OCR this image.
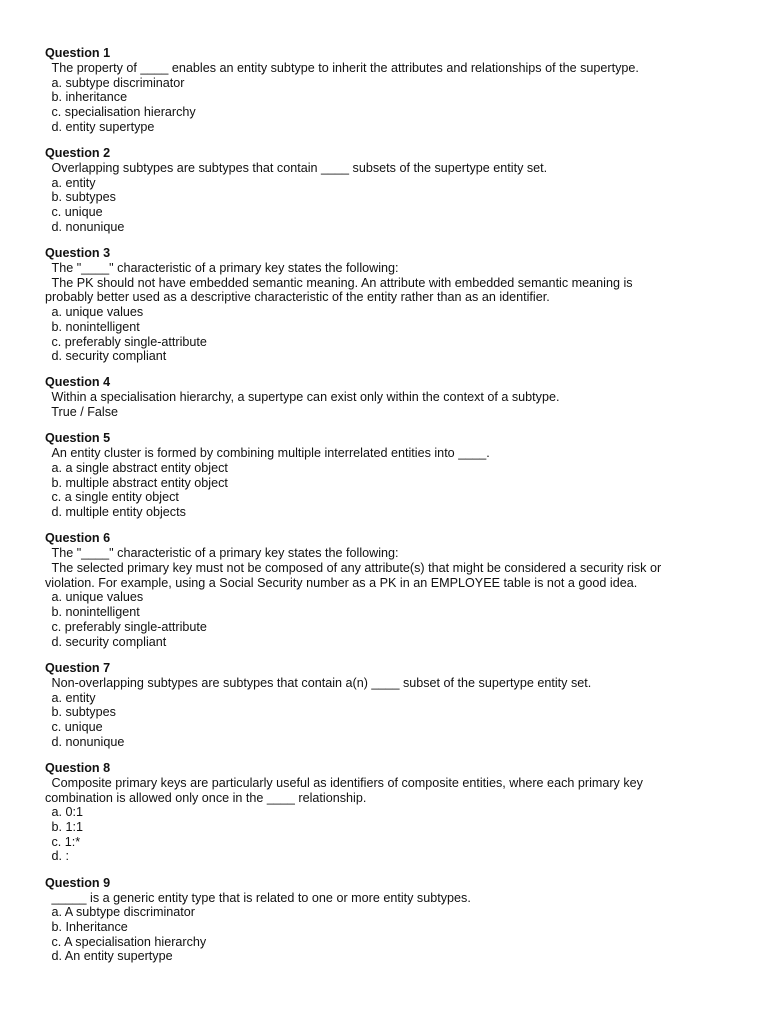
Question 1
The property of ____ enables an entity subtype to inherit the attributes and relationships of the supertype.
a. subtype discriminator
b. inheritance
c. specialisation hierarchy
d. entity supertype
Question 2
Overlapping subtypes are subtypes that contain ____ subsets of the supertype entity set.
a. entity
b. subtypes
c. unique
d. nonunique
Question 3
The "____" characteristic of a primary key states the following:
The PK should not have embedded semantic meaning. An attribute with embedded semantic meaning is
probably better used as a descriptive characteristic of the entity rather than as an identifier.
a. unique values
b. nonintelligent
c. preferably single-attribute
d. security compliant
Question 4
Within a specialisation hierarchy, a supertype can exist only within the context of a subtype.
True / False
Question 5
An entity cluster is formed by combining multiple interrelated entities into ____.
a. a single abstract entity object
b. multiple abstract entity object
c. a single entity object
d. multiple entity objects
Question 6
The "____" characteristic of a primary key states the following:
The selected primary key must not be composed of any attribute(s) that might be considered a security risk or
violation. For example, using a Social Security number as a PK in an EMPLOYEE table is not a good idea.
a. unique values
b. nonintelligent
c. preferably single-attribute
d. security compliant
Question 7
Non-overlapping subtypes are subtypes that contain a(n) ____ subset of the supertype entity set.
a. entity
b. subtypes
c. unique
d. nonunique
Question 8
Composite primary keys are particularly useful as identifiers of composite entities, where each primary key
combination is allowed only once in the ____ relationship.
a. 0:1
b. 1:1
c. 1:*
d. :
Question 9
_____ is a generic entity type that is related to one or more entity subtypes.
a. A subtype discriminator
b. Inheritance
c. A specialisation hierarchy
d. An entity supertype
